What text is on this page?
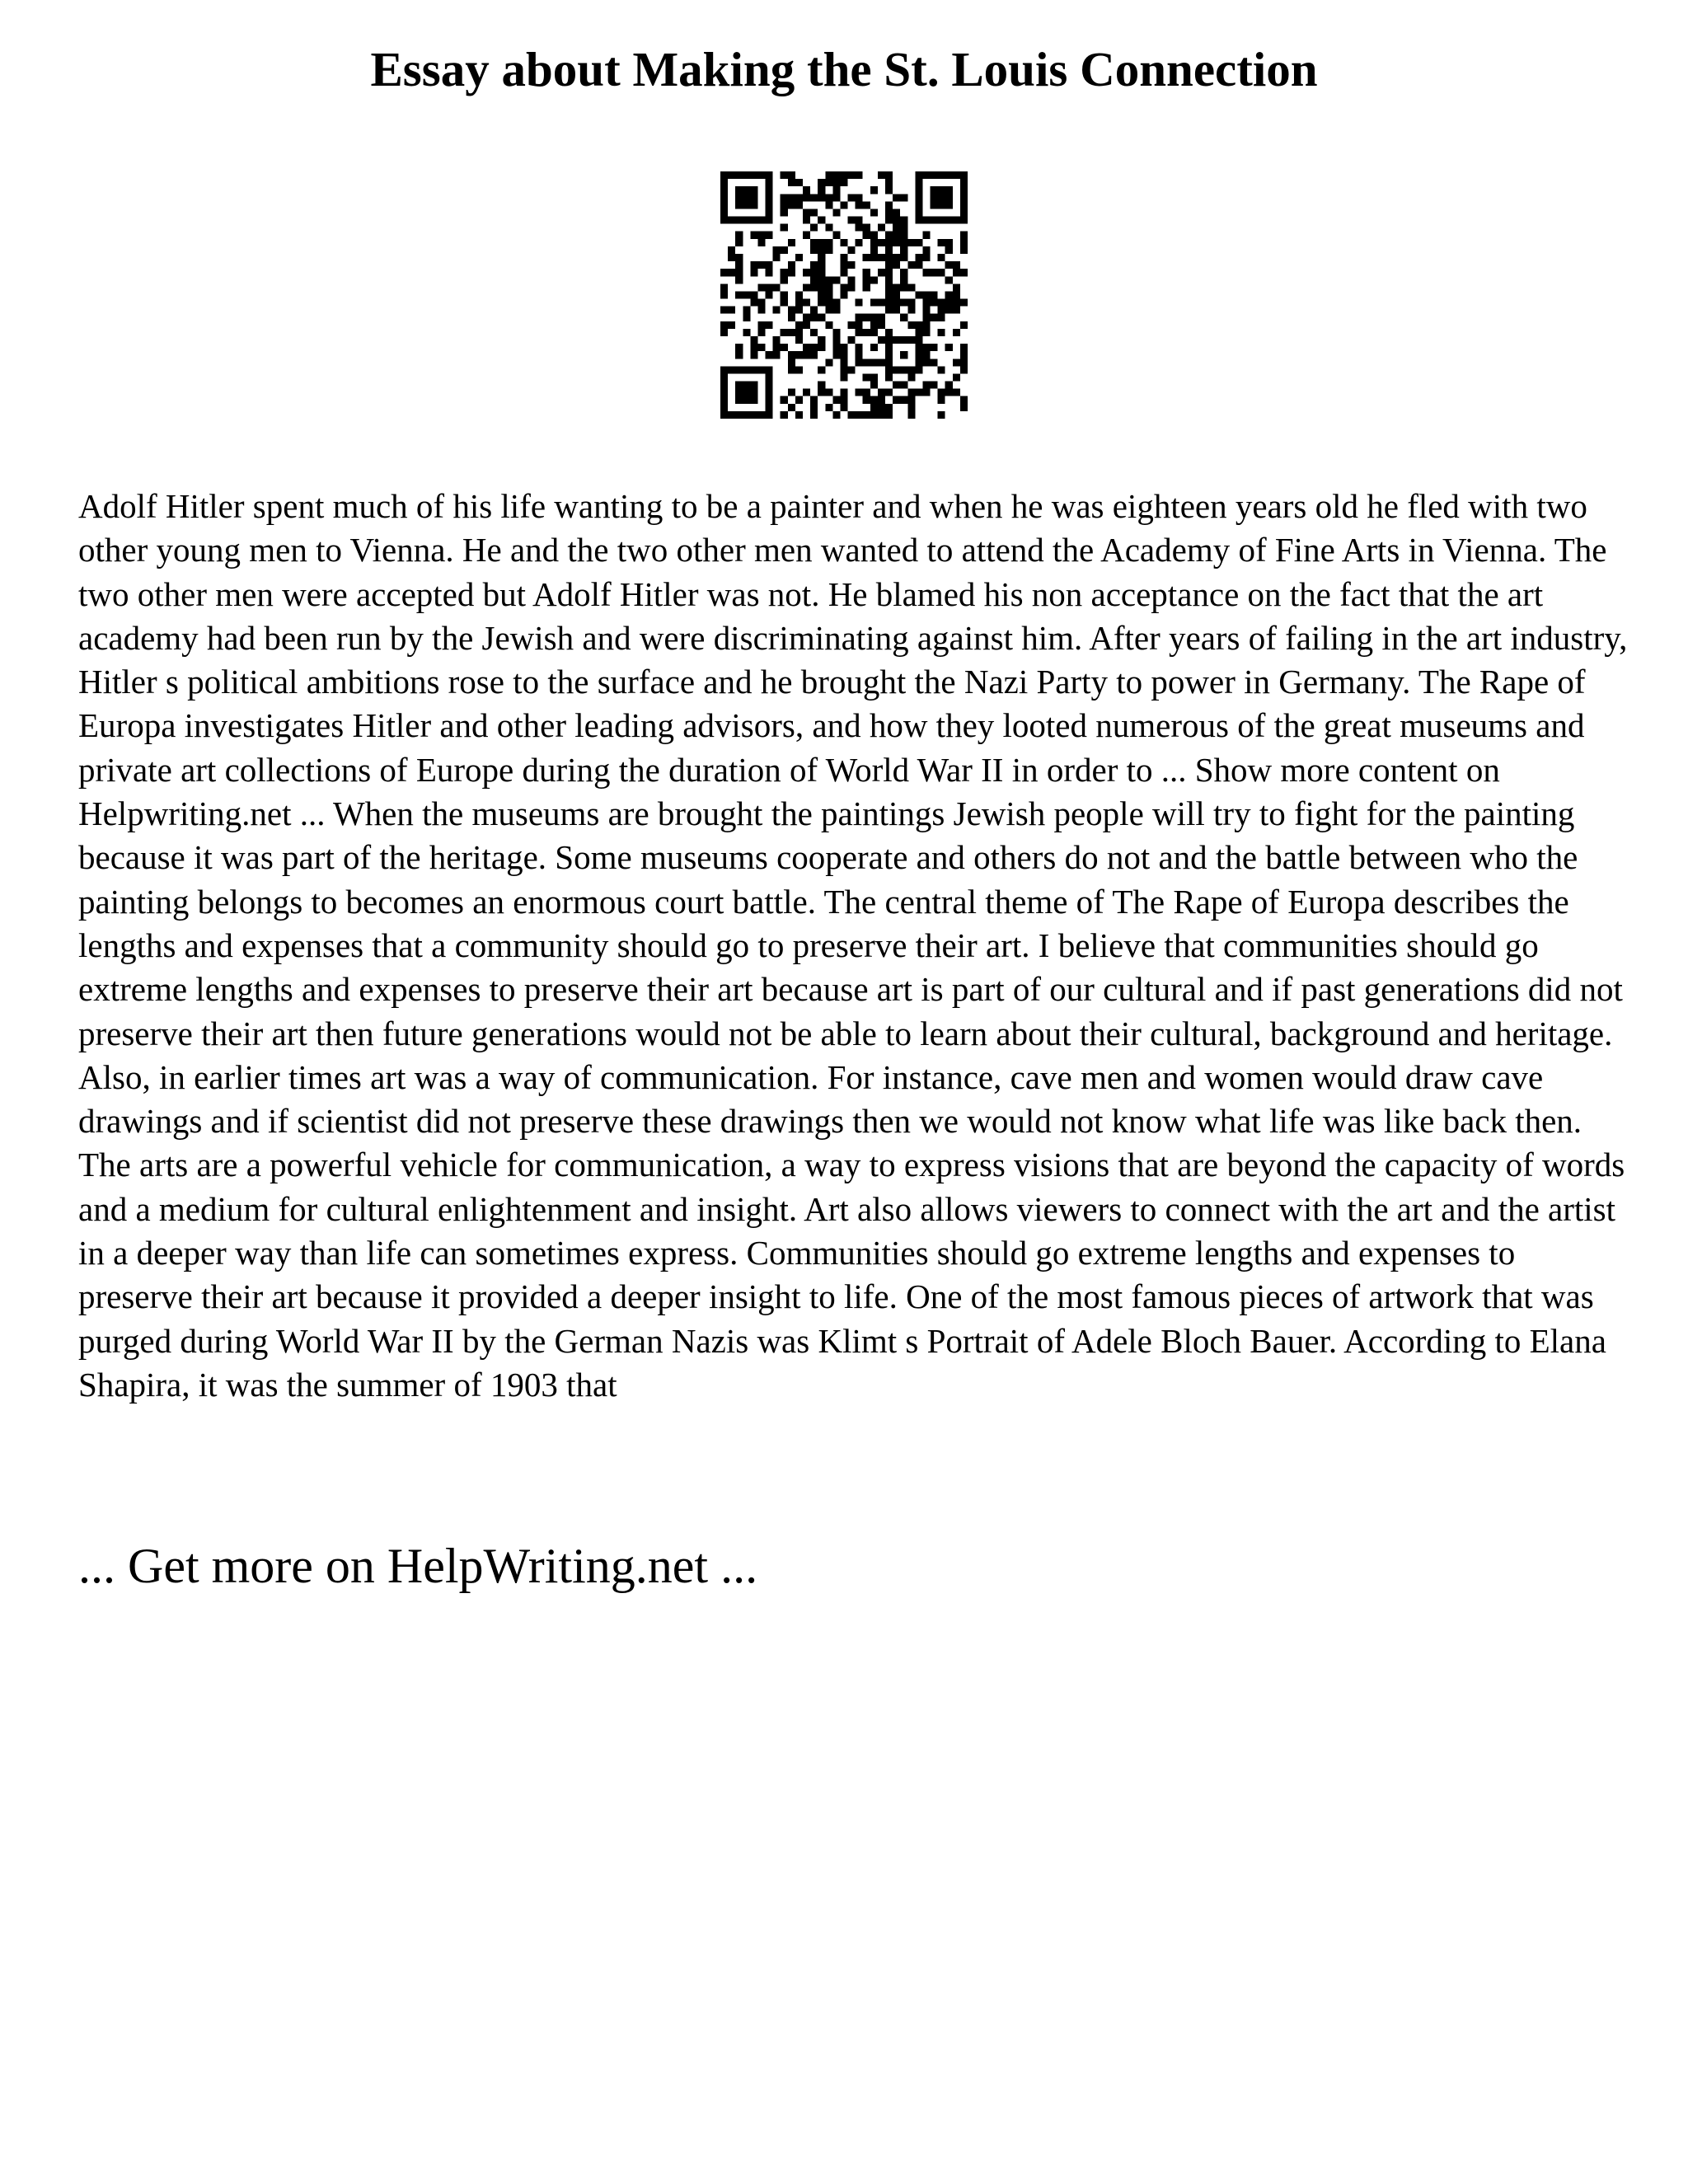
Essay about Making the St. Louis Connection

Adolf Hitler spent much of his life wanting to be a painter and when he was eighteen years old he fled with two other young men to Vienna. He and the two other men wanted to attend the Academy of Fine Arts in Vienna. The two other men were accepted but Adolf Hitler was not. He blamed his non acceptance on the fact that the art academy had been run by the Jewish and were discriminating against him. After years of failing in the art industry, Hitler s political ambitions rose to the surface and he brought the Nazi Party to power in Germany. The Rape of Europa investigates Hitler and other leading advisors, and how they looted numerous of the great museums and private art collections of Europe during the duration of World War II in order to ... Show more content on Helpwriting.net ... When the museums are brought the paintings Jewish people will try to fight for the painting because it was part of the heritage. Some museums cooperate and others do not and the battle between who the painting belongs to becomes an enormous court battle. The central theme of The Rape of Europa describes the lengths and expenses that a community should go to preserve their art. I believe that communities should go extreme lengths and expenses to preserve their art because art is part of our cultural and if past generations did not preserve their art then future generations would not be able to learn about their cultural, background and heritage. Also, in earlier times art was a way of communication. For instance, cave men and women would draw cave drawings and if scientist did not preserve these drawings then we would not know what life was like back then. The arts are a powerful vehicle for communication, a way to express visions that are beyond the capacity of words and a medium for cultural enlightenment and insight. Art also allows viewers to connect with the art and the artist in a deeper way than life can sometimes express. Communities should go extreme lengths and expenses to preserve their art because it provided a deeper insight to life. One of the most famous pieces of artwork that was purged during World War II by the German Nazis was Klimt s Portrait of Adele Bloch Bauer. According to Elana Shapira, it was the summer of 1903 that

... Get more on HelpWriting.net ...
